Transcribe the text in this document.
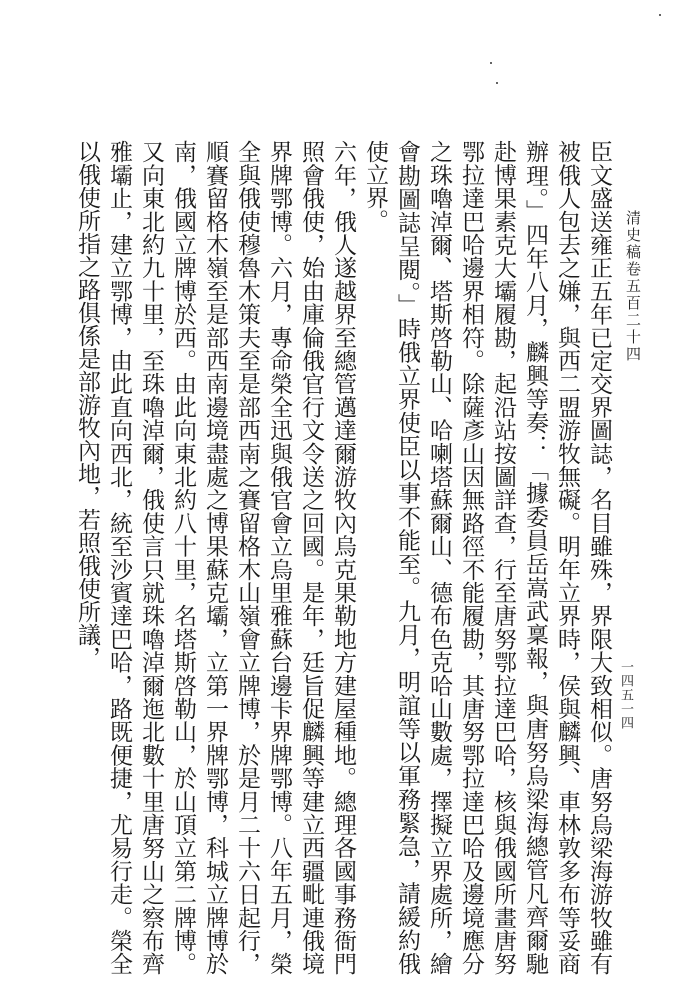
清史稿卷五百二十四
一四五一四

臣文盛送雍正五年已定交界圖誌，名目雖殊，界限大致相似。唐努烏梁海游牧雖有被俄人包去之嫌，與西二盟游牧無礙。明年立界時，侯與麟興、車林敦多布等妥商辦理。」四年八月，麟興等奏：「據委員岳嵩武稟報，與唐努烏梁海總管凡齊爾馳赴博果素克大壩履勘，起沿站按圖詳查，行至唐努鄂拉達巴哈，核與俄國所畫唐努鄂拉達巴哈邊界相符。除薩彥山因無路徑不能履勘，其唐努鄂拉達巴哈及邊境應分之珠嚕淖爾、塔斯啓勒山、哈喇塔蘇爾山、德布色克哈山數處，擇擬立界處所，繪會勘圖誌呈閱。」時俄立界使臣以事不能至。九月，明誼等以軍務緊急，請緩約俄使立界。

六年，俄人遂越界至總管邁達爾游牧內烏克果勒地方建屋種地。總理各國事務衙門照會俄使，始由庫倫俄官行文令送之回國。是年，廷旨促麟興等建立西疆毗連俄境界牌鄂博。六月，專命榮全迅與俄官會立烏里雅蘇台邊卡界牌鄂博。八年五月，榮全與俄使穆魯木策夫至是部西南之賽留格木山嶺會立牌博，於是月二十六日起行，順賽留格木嶺至是部西南邊境盡處之博果蘇克壩，立第一界牌鄂博，科城立牌博於南，俄國立牌博於西。由此向東北約八十里，名塔斯啓勒山，於山頂立第二牌博。又向東北約九十里，至珠嚕淖爾，俄使言只就珠嚕淖爾迤北數十里唐努山之察布齊雅壩止，建立鄂博，由此直向西北，統至沙賓達巴哈，路既便捷，尤易行走。榮全以俄使所指之路俱係是部游牧內地，若照俄使所議，
